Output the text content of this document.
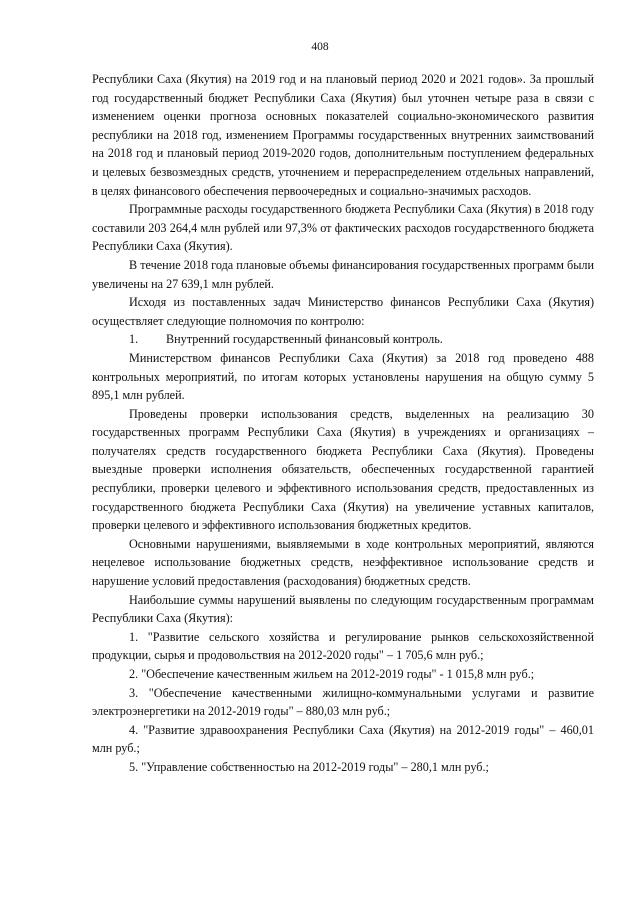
408

Республики Саха (Якутия) на 2019 год и на плановый период 2020 и 2021 годов». За прошлый год государственный бюджет Республики Саха (Якутия) был уточнен четыре раза в связи с изменением оценки прогноза основных показателей социально-экономического развития республики на 2018 год, изменением Программы государственных внутренних заимствований на 2018 год и плановый период 2019-2020 годов, дополнительным поступлением федеральных и целевых безвозмездных средств, уточнением и перераспределением отдельных направлений, в целях финансового обеспечения первоочередных и социально-значимых расходов.

Программные расходы государственного бюджета Республики Саха (Якутия) в 2018 году составили 203 264,4 млн рублей или 97,3% от фактических расходов государственного бюджета Республики Саха (Якутия).

В течение 2018 года плановые объемы финансирования государственных программ были увеличены на 27 639,1 млн рублей.

Исходя из поставленных задач Министерство финансов Республики Саха (Якутия) осуществляет следующие полномочия по контролю:

1. Внутренний государственный финансовый контроль.

Министерством финансов Республики Саха (Якутия) за 2018 год проведено 488 контрольных мероприятий, по итогам которых установлены нарушения на общую сумму 5 895,1 млн рублей.

Проведены проверки использования средств, выделенных на реализацию 30 государственных программ Республики Саха (Якутия) в учреждениях и организациях – получателях средств государственного бюджета Республики Саха (Якутия). Проведены выездные проверки исполнения обязательств, обеспеченных государственной гарантией республики, проверки целевого и эффективного использования средств, предоставленных из государственного бюджета Республики Саха (Якутия) на увеличение уставных капиталов, проверки целевого и эффективного использования бюджетных кредитов.

Основными нарушениями, выявляемыми в ходе контрольных мероприятий, являются нецелевое использование бюджетных средств, неэффективное использование средств и нарушение условий предоставления (расходования) бюджетных средств.

Наибольшие суммы нарушений выявлены по следующим государственным программам Республики Саха (Якутия):

1. "Развитие сельского хозяйства и регулирование рынков сельскохозяйственной продукции, сырья и продовольствия на 2012-2020 годы" – 1 705,6 млн руб.;

2. "Обеспечение качественным жильем на 2012-2019 годы" - 1 015,8 млн руб.;

3. "Обеспечение качественными жилищно-коммунальными услугами и развитие электроэнергетики на 2012-2019 годы" – 880,03 млн руб.;

4. "Развитие здравоохранения Республики Саха (Якутия) на 2012-2019 годы" – 460,01 млн руб.;

5. "Управление собственностью на 2012-2019 годы" – 280,1 млн руб.;
